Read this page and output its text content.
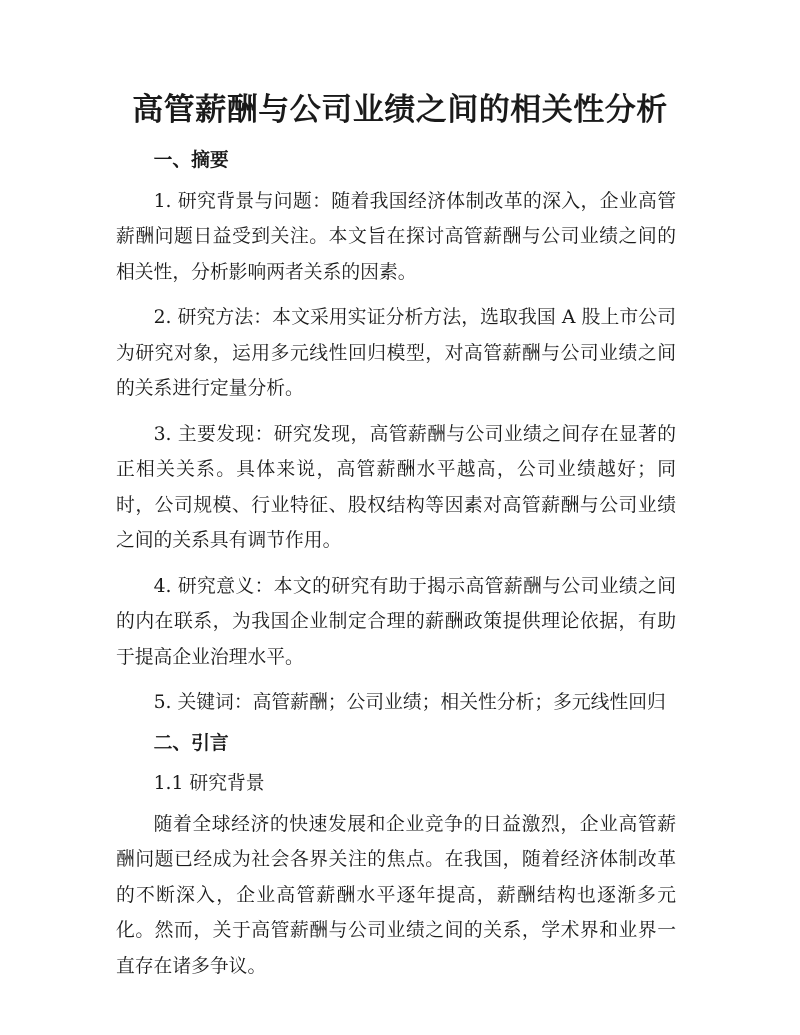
高管薪酬与公司业绩之间的相关性分析
一、摘要

1. 研究背景与问题：随着我国经济体制改革的深入，企业高管薪酬问题日益受到关注。本文旨在探讨高管薪酬与公司业绩之间的相关性，分析影响两者关系的因素。

2. 研究方法：本文采用实证分析方法，选取我国 A 股上市公司为研究对象，运用多元线性回归模型，对高管薪酬与公司业绩之间的关系进行定量分析。

3. 主要发现：研究发现，高管薪酬与公司业绩之间存在显著的正相关关系。具体来说，高管薪酬水平越高，公司业绩越好；同时，公司规模、行业特征、股权结构等因素对高管薪酬与公司业绩之间的关系具有调节作用。

4. 研究意义：本文的研究有助于揭示高管薪酬与公司业绩之间的内在联系，为我国企业制定合理的薪酬政策提供理论依据，有助于提高企业治理水平。

5. 关键词：高管薪酬；公司业绩；相关性分析；多元线性回归

二、引言

1.1 研究背景

随着全球经济的快速发展和企业竞争的日益激烈，企业高管薪酬问题已经成为社会各界关注的焦点。在我国，随着经济体制改革的不断深入，企业高管薪酬水平逐年提高，薪酬结构也逐渐多元化。然而，关于高管薪酬与公司业绩之间的关系，学术界和业界一直存在诸多争议。
